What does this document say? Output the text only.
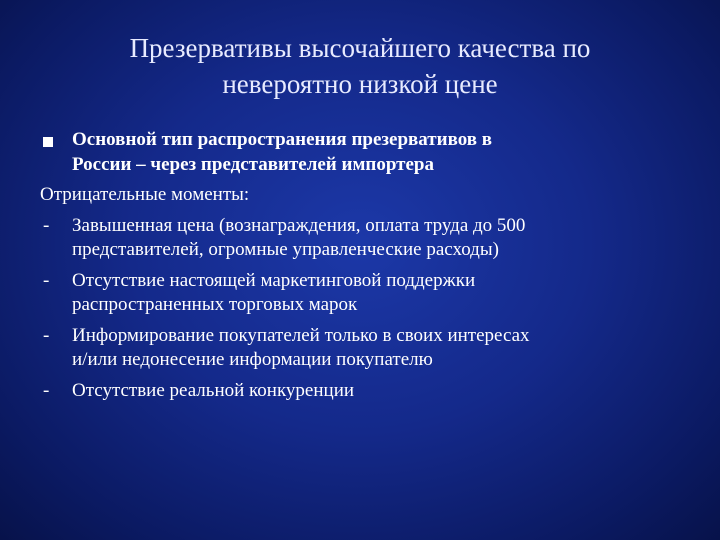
Презервативы высочайшего качества по
невероятно низкой цене
Основной тип распространения презервативов в
России – через представителей импортера
Отрицательные моменты:
- Завышенная цена (вознаграждения, оплата труда до 500
представителей, огромные управленческие расходы)
- Отсутствие настоящей маркетинговой поддержки
распространенных торговых марок
- Информирование покупателей только в своих интересах
и/или недонесение информации покупателю
- Отсутствие реальной конкуренции
